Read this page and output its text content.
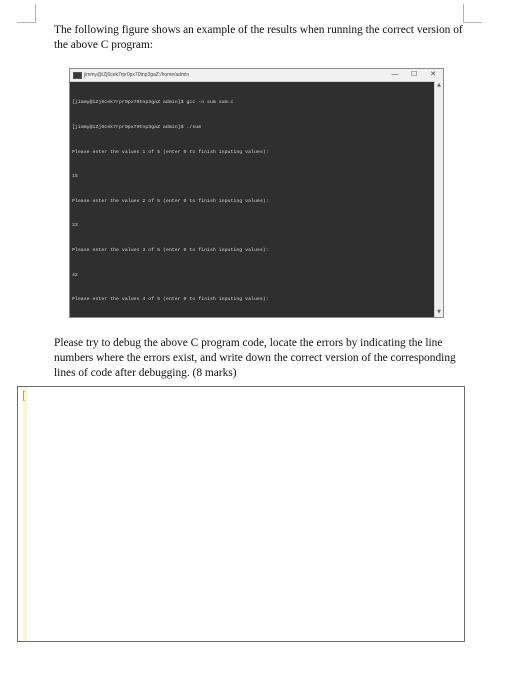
The following figure shows an example of the results when running the correct version of the above C program:

jimmy@iZj6cek7rpr0px70tnp3gaZ:/home/admin	—	☐	✕

[jimmy@iZj6cek7rpr0px70tnp3gaZ admin]$ gcc -o sum sum.c

[jimmy@iZj6cek7rpr0px70tnp3gaZ admin]$ ./sum

Please enter the values 1 of 5 (enter 0 to finish inputing values):

15

Please enter the values 2 of 5 (enter 0 to finish inputing values):

23

Please enter the values 3 of 5 (enter 0 to finish inputing values):

42

Please enter the values 4 of 5 (enter 0 to finish inputing values):

▲
▼

Please try to debug the above C program code, locate the errors by indicating the line numbers where the errors exist, and write down the correct version of the corresponding lines of code after debugging. (8 marks)

[
